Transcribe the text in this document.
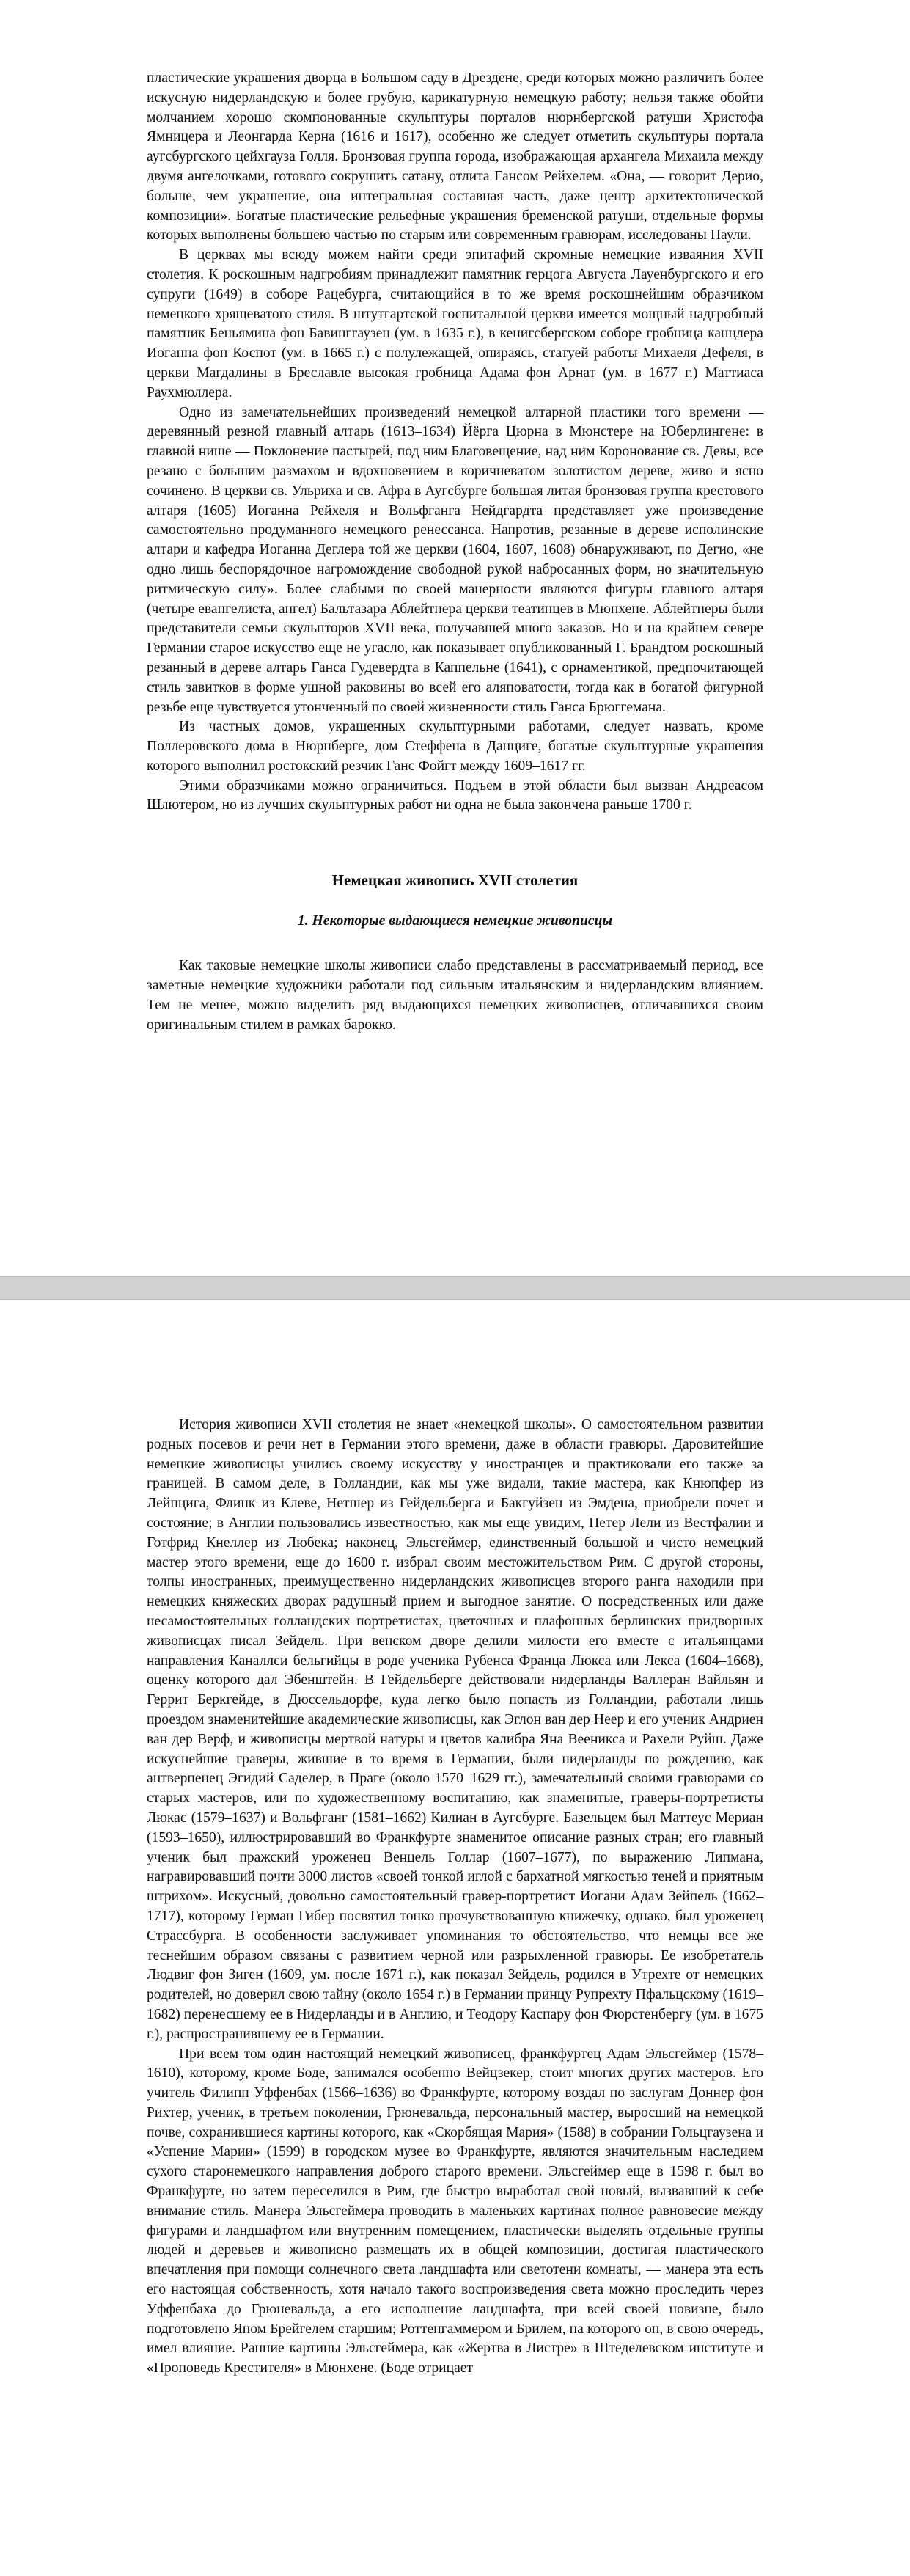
пластические украшения дворца в Большом саду в Дрездене, среди которых можно различить более искусную нидерландскую и более грубую, карикатурную немецкую работу; нельзя также обойти молчанием хорошо скомпонованные скульптуры порталов нюрнбергской ратуши Христофа Ямницера и Леонгарда Керна (1616 и 1617), особенно же следует отметить скульптуры портала аугсбургского цейхгауза Голля. Бронзовая группа города, изображающая архангела Михаила между двумя ангелочками, готового сокрушить сатану, отлита Гансом Рейхелем. «Она, — говорит Дерио, больше, чем украшение, она интегральная составная часть, даже центр архитектонической композиции». Богатые пластические рельефные украшения бременской ратуши, отдельные формы которых выполнены большею частью по старым или современным гравюрам, исследованы Паули.

В церквах мы всюду можем найти среди эпитафий скромные немецкие изваяния XVII столетия. К роскошным надгробиям принадлежит памятник герцога Августа Лауенбургского и его супруги (1649) в соборе Рацебурга, считающийся в то же время роскошнейшим образчиком немецкого хрящеватого стиля. В штутгартской госпитальной церкви имеется мощный надгробный памятник Беньямина фон Бавинггаузен (ум. в 1635 г.), в кенигсбергском соборе гробница канцлера Иоганна фон Коспот (ум. в 1665 г.) с полулежащей, опираясь, статуей работы Михаеля Дефеля, в церкви Магдалины в Бреславле высокая гробница Адама фон Арнат (ум. в 1677 г.) Маттиаса Раухмюллера.

Одно из замечательнейших произведений немецкой алтарной пластики того времени — деревянный резной главный алтарь (1613–1634) Йёрга Цюрна в Мюнстере на Юберлингене: в главной нише — Поклонение пастырей, под ним Благовещение, над ним Коронование св. Девы, все резано с большим размахом и вдохновением в коричневатом золотистом дереве, живо и ясно сочинено. В церкви св. Ульриха и св. Афра в Аугсбурге большая литая бронзовая группа крестового алтаря (1605) Иоганна Рейхеля и Вольфганга Нейдгардта представляет уже произведение самостоятельно продуманного немецкого ренессанса. Напротив, резанные в дереве исполинские алтари и кафедра Иоганна Деглера той же церкви (1604, 1607, 1608) обнаруживают, по Дегио, «не одно лишь беспорядочное нагромождение свободной рукой набросанных форм, но значительную ритмическую силу». Более слабыми по своей манерности являются фигуры главного алтаря (четыре евангелиста, ангел) Бальтазара Аблейтнера церкви театинцев в Мюнхене. Аблейтнеры были представители семьи скульпторов XVII века, получавшей много заказов. Но и на крайнем севере Германии старое искусство еще не угасло, как показывает опубликованный Г. Брандтом роскошный резанный в дереве алтарь Ганса Гудевердта в Каппельне (1641), с орнаментикой, предпочитающей стиль завитков в форме ушной раковины во всей его аляповатости, тогда как в богатой фигурной резьбе еще чувствуется утонченный по своей жизненности стиль Ганса Брюггемана.

Из частных домов, украшенных скульптурными работами, следует назвать, кроме Поллеровского дома в Нюрнберге, дом Стеффена в Данциге, богатые скульптурные украшения которого выполнил ростокский резчик Ганс Фойгт между 1609–1617 гг.

Этими образчиками можно ограничиться. Подъем в этой области был вызван Андреасом Шлютером, но из лучших скульптурных работ ни одна не была закончена раньше 1700 г.

Немецкая живопись XVII столетия
1. Некоторые выдающиеся немецкие живописцы

Как таковые немецкие школы живописи слабо представлены в рассматриваемый период, все заметные немецкие художники работали под сильным итальянским и нидерландским влиянием. Тем не менее, можно выделить ряд выдающихся немецких живописцев, отличавшихся своим оригинальным стилем в рамках барокко.

История живописи XVII столетия не знает «немецкой школы». О самостоятельном развитии родных посевов и речи нет в Германии этого времени, даже в области гравюры. Даровитейшие немецкие живописцы учились своему искусству у иностранцев и практиковали его также за границей. В самом деле, в Голландии, как мы уже видали, такие мастера, как Кнюпфер из Лейпцига, Флинк из Клеве, Нетшер из Гейдельберга и Бакгуйзен из Эмдена, приобрели почет и состояние; в Англии пользовались известностью, как мы еще увидим, Петер Лели из Вестфалии и Готфрид Кнеллер из Любека; наконец, Эльсгеймер, единственный большой и чисто немецкий мастер этого времени, еще до 1600 г. избрал своим местожительством Рим. С другой стороны, толпы иностранных, преимущественно нидерландских живописцев второго ранга находили при немецких княжеских дворах радушный прием и выгодное занятие. О посредственных или даже несамостоятельных голландских портретистах, цветочных и плафонных берлинских придворных живописцах писал Зейдель. При венском дворе делили милости его вместе с итальянцами направления Каналлси бельгийцы в роде ученика Рубенса Франца Люкса или Лекса (1604–1668), оценку которого дал Эбенштейн. В Гейдельберге действовали нидерланды Валлеран Вайльян и Геррит Беркгейде, в Дюссельдорфе, куда легко было попасть из Голландии, работали лишь проездом знаменитейшие академические живописцы, как Эглон ван дер Неер и его ученик Андриен ван дер Верф, и живописцы мертвой натуры и цветов калибра Яна Вееникса и Рахели Руйш. Даже искуснейшие граверы, жившие в то время в Германии, были нидерланды по рождению, как антверпенец Эгидий Саделер, в Праге (около 1570–1629 гг.), замечательный своими гравюрами со старых мастеров, или по художественному воспитанию, как знаменитые, граверы-портретисты Люкас (1579–1637) и Вольфганг (1581–1662) Килиан в Аугсбурге. Базельцем был Маттеус Мериан (1593–1650), иллюстрировавший во Франкфурте знаменитое описание разных стран; его главный ученик был пражский уроженец Венцель Голлар (1607–1677), по выражению Липмана, награвировавший почти 3000 листов «своей тонкой иглой с бархатной мягкостью теней и приятным штрихом». Искусный, довольно самостоятельный гравер-портретист Иогани Адам Зейпель (1662–1717), которому Герман Гибер посвятил тонко прочувствованную книжечку, однако, был уроженец Страссбурга. В особенности заслуживает упоминания то обстоятельство, что немцы все же теснейшим образом связаны с развитием черной или разрыхленной гравюры. Ее изобретатель Людвиг фон Зиген (1609, ум. после 1671 г.), как показал Зейдель, родился в Утрехте от немецких родителей, но доверил свою тайну (около 1654 г.) в Германии принцу Рупрехту Пфальцскому (1619–1682) перенесшему ее в Нидерланды и в Англию, и Теодору Каспару фон Фюрстенбергу (ум. в 1675 г.), распространившему ее в Германии.

При всем том один настоящий немецкий живописец, франкфуртец Адам Эльсгеймер (1578–1610), которому, кроме Боде, занимался особенно Вейцзекер, стоит многих других мастеров. Его учитель Филипп Уффенбах (1566–1636) во Франкфурте, которому воздал по заслугам Доннер фон Рихтер, ученик, в третьем поколении, Грюневальда, персональный мастер, выросший на немецкой почве, сохранившиеся картины которого, как «Скорбящая Мария» (1588) в собрании Гольцгаузена и «Успение Марии» (1599) в городском музее во Франкфурте, являются значительным наследием сухого старонемецкого направления доброго старого времени. Эльсгеймер еще в 1598 г. был во Франкфурте, но затем переселился в Рим, где быстро выработал свой новый, вызвавший к себе внимание стиль. Манера Эльсгеймера проводить в маленьких картинах полное равновесие между фигурами и ландшафтом или внутренним помещением, пластически выделять отдельные группы людей и деревьев и живописно размещать их в общей композиции, достигая пластического впечатления при помощи солнечного света ландшафта или светотени комнаты, — манера эта есть его настоящая собственность, хотя начало такого воспроизведения света можно проследить через Уффенбаха до Грюневальда, а его исполнение ландшафта, при всей своей новизне, было подготовлено Яном Брейгелем старшим; Роттенгаммером и Брилем, на которого он, в свою очередь, имел влияние. Ранние картины Эльсгеймера, как «Жертва в Листре» в Штеделевском институте и «Проповедь Крестителя» в Мюнхене. (Боде отрицает
